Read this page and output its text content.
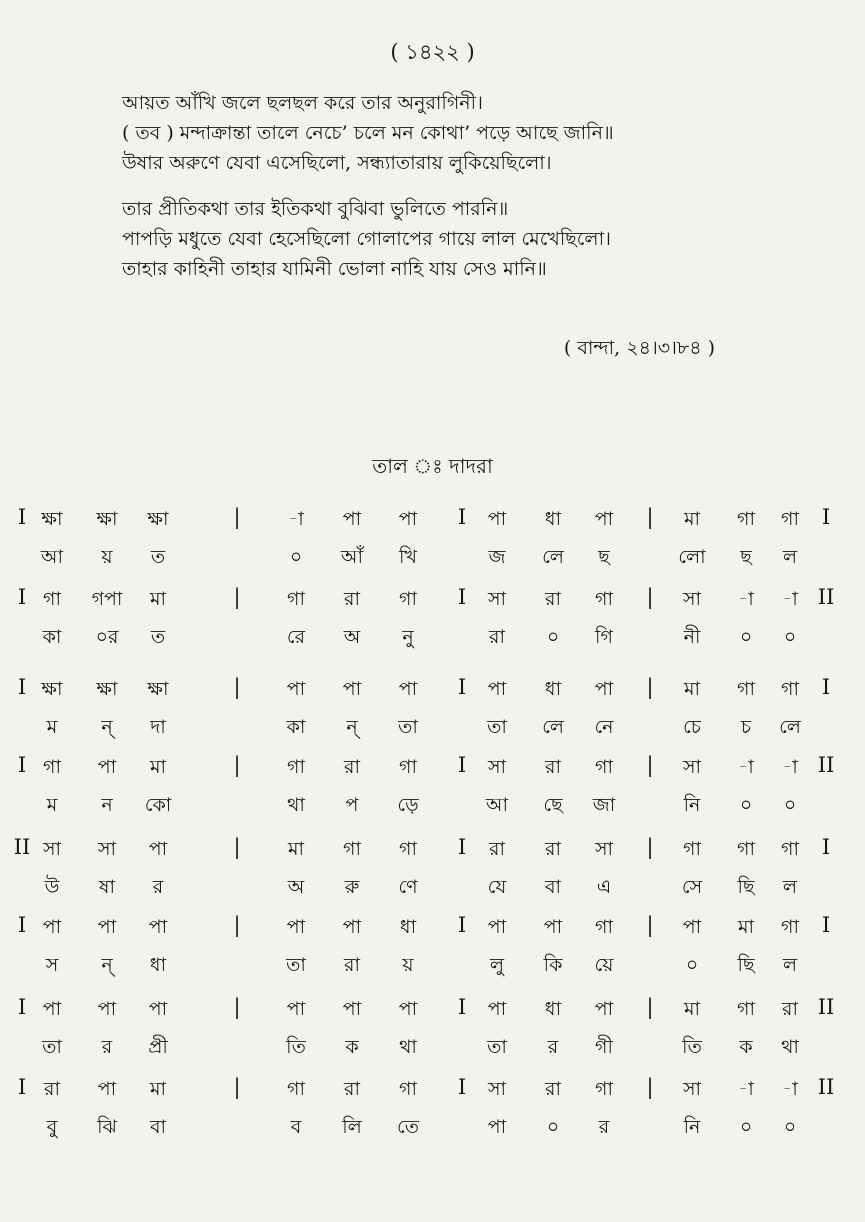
( ১৪২২ )
আয়ত আঁখি জলে ছলছল করে তার অনুরাগিনী।
( তব ) মন্দাক্রান্তা তালে নেচে’ চলে মন কোথা’ পড়ে আছে জানি॥
উষার অরুণে যেবা এসেছিলো, সন্ধ্যাতারায় লুকিয়েছিলো।
তার প্রীতিকথা তার ইতিকথা বুঝিবা ভুলিতে পারনি॥
পাপড়ি মধুতে যেবা হেসেছিলো গোলাপের গায়ে লাল মেখেছিলো।
তাহার কাহিনী তাহার যামিনী ভোলা নাহি যায় সেও মানি॥
( বান্দা, ২৪।৩।৮৪ )
তাল ঃ দাদরা
I	|	I	|	I
ক্ষা ক্ষা ক্ষা	-া পা পা	পা ধা পা	মা গা গা
আ য় ত	০ আঁ খি	জ লে ছ	লো ছ ল
I	|	I	|	II
গা গপা মা	গা রা গা	সা রা গা	সা -া -া
কা ০র ত	রে অ নু	রা ০ গি	নী ০ ০
I	|	I	|	I
ক্ষা ক্ষা ক্ষা	পা পা পা	পা ধা পা	মা গা গা
ম ন্ দা	কা ন্ তা	তা লে নে	চে চ লে
I	|	I	|	II
গা পা মা	গা রা গা	সা রা গা	সা -া -া
ম ন কো	থা প ড়ে	আ ছে জা	নি ০ ০
II	|	I	|	I
সা সা পা	মা গা গা	রা রা সা	গা গা গা
উ ষা র	অ রু ণে	যে বা এ	সে ছি ল
I	|	I	|	I
পা পা পা	পা পা ধা	পা পা গা	পা মা গা
স ন্ ধা	তা রা য়	লু কি য়ে	০ ছি ল
I	|	I	|	II
পা পা পা	পা পা পা	পা ধা পা	মা গা রা
তা র প্রী	তি ক থা	তা র গী	তি ক থা
I	|	I	|	II
রা পা মা	গা রা গা	সা রা গা	সা -া -া
বু ঝি বা	ব লি তে	পা ০ র	নি ০ ০
